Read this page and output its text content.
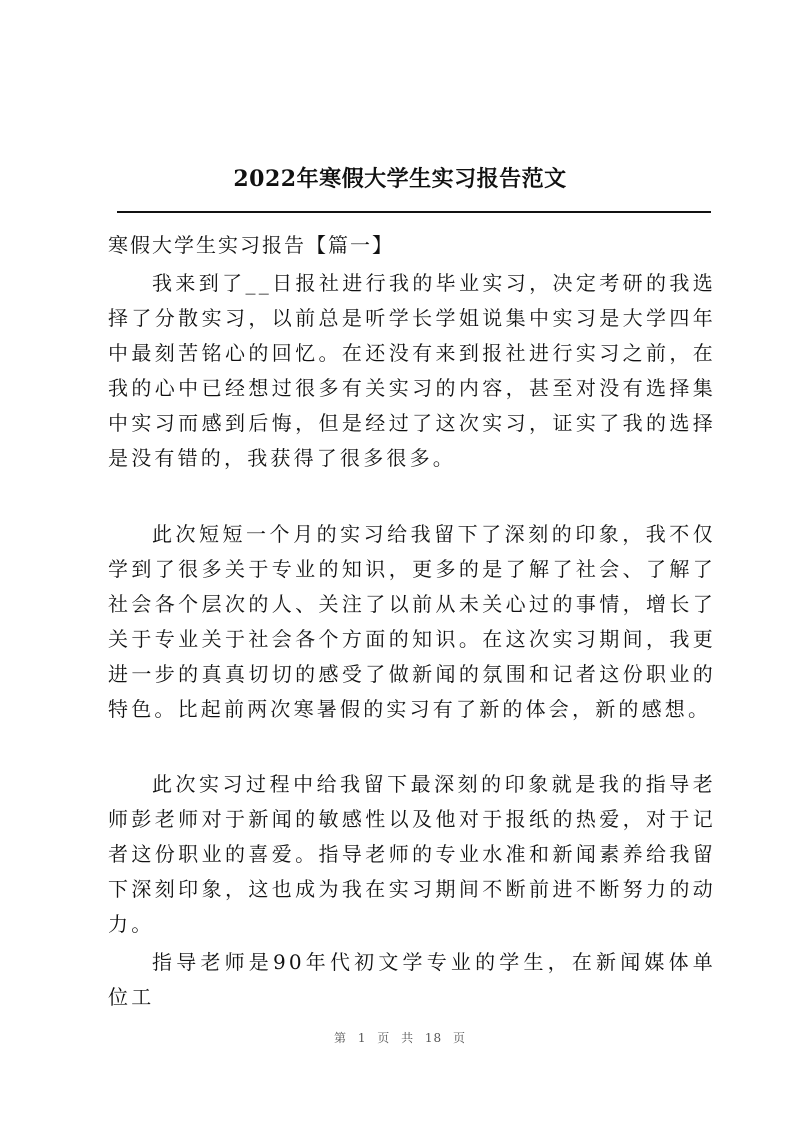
2022年寒假大学生实习报告范文
寒假大学生实习报告【篇一】

我来到了__日报社进行我的毕业实习，决定考研的我选择了分散实习，以前总是听学长学姐说集中实习是大学四年中最刻苦铭心的回忆。在还没有来到报社进行实习之前，在我的心中已经想过很多有关实习的内容，甚至对没有选择集中实习而感到后悔，但是经过了这次实习，证实了我的选择是没有错的，我获得了很多很多。

此次短短一个月的实习给我留下了深刻的印象，我不仅学到了很多关于专业的知识，更多的是了解了社会、了解了社会各个层次的人、关注了以前从未关心过的事情，增长了关于专业关于社会各个方面的知识。在这次实习期间，我更进一步的真真切切的感受了做新闻的氛围和记者这份职业的特色。比起前两次寒暑假的实习有了新的体会，新的感想。

此次实习过程中给我留下最深刻的印象就是我的指导老师彭老师对于新闻的敏感性以及他对于报纸的热爱，对于记者这份职业的喜爱。指导老师的专业水准和新闻素养给我留下深刻印象，这也成为我在实习期间不断前进不断努力的动力。

指导老师是90年代初文学专业的学生，在新闻媒体单位工

第 1 页 共 18 页
